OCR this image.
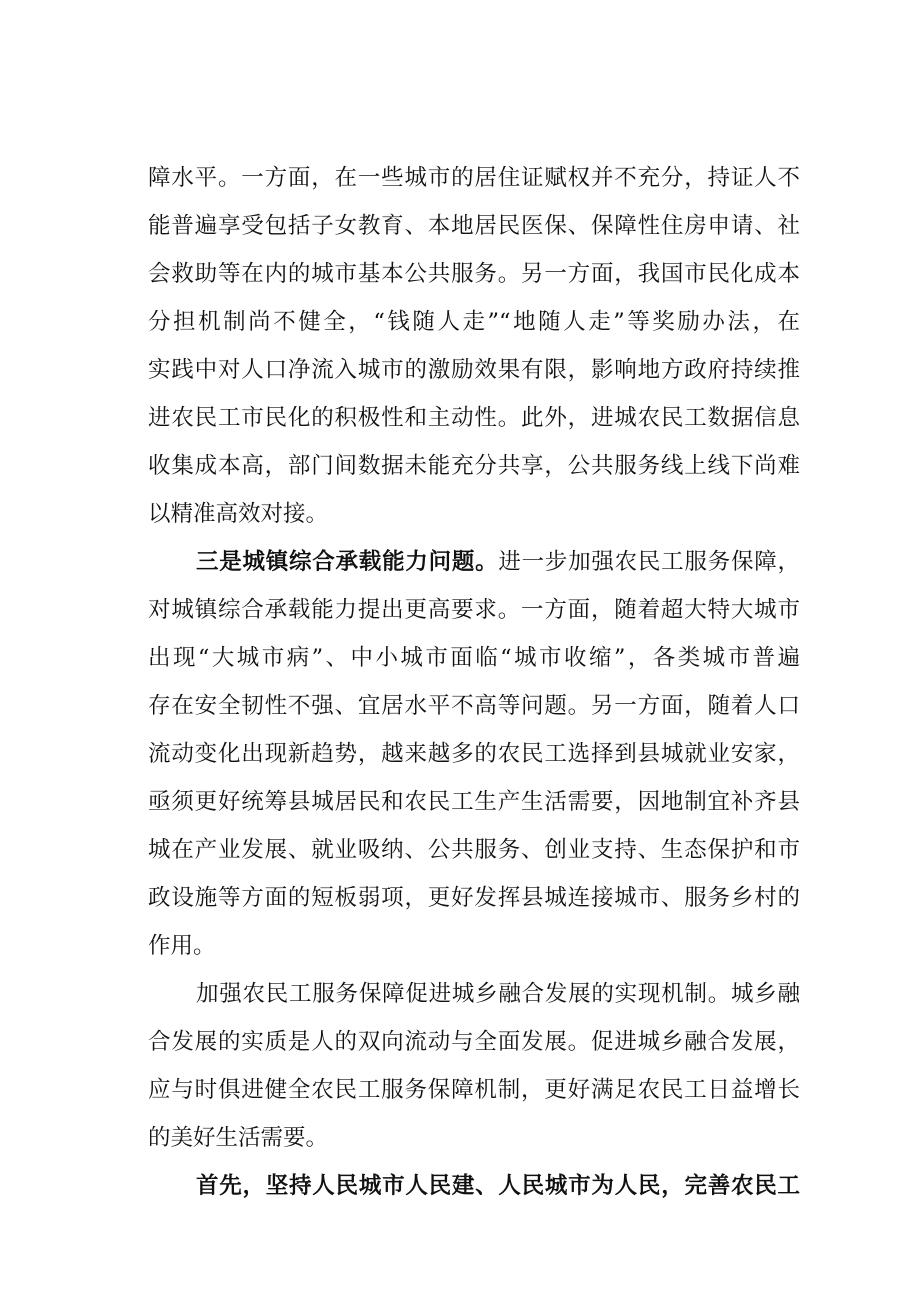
障水平。一方面，在一些城市的居住证赋权并不充分，持证人不
能普遍享受包括子女教育、本地居民医保、保障性住房申请、社
会救助等在内的城市基本公共服务。另一方面，我国市民化成本
分担机制尚不健全，“钱随人走”“地随人走”等奖励办法，在
实践中对人口净流入城市的激励效果有限，影响地方政府持续推
进农民工市民化的积极性和主动性。此外，进城农民工数据信息
收集成本高，部门间数据未能充分共享，公共服务线上线下尚难
以精准高效对接。
三是城镇综合承载能力问题。进一步加强农民工服务保障，
对城镇综合承载能力提出更高要求。一方面，随着超大特大城市
出现“大城市病”、中小城市面临“城市收缩”，各类城市普遍
存在安全韧性不强、宜居水平不高等问题。另一方面，随着人口
流动变化出现新趋势，越来越多的农民工选择到县城就业安家，
亟须更好统筹县城居民和农民工生产生活需要，因地制宜补齐县
城在产业发展、就业吸纳、公共服务、创业支持、生态保护和市
政设施等方面的短板弱项，更好发挥县城连接城市、服务乡村的
作用。
加强农民工服务保障促进城乡融合发展的实现机制。城乡融
合发展的实质是人的双向流动与全面发展。促进城乡融合发展，
应与时俱进健全农民工服务保障机制，更好满足农民工日益增长
的美好生活需要。
首先，坚持人民城市人民建、人民城市为人民，完善农民工
